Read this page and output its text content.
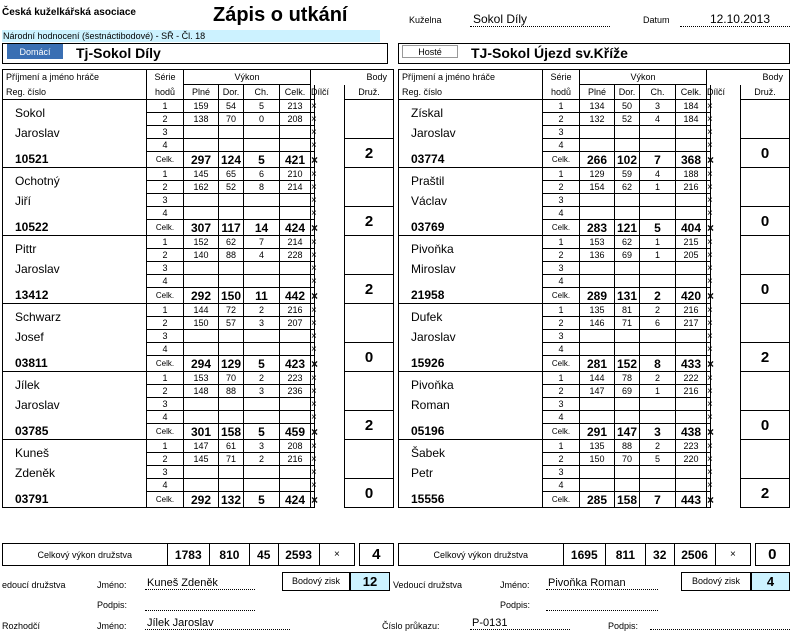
Česká kuželkářská asociace	Zápis o utkání
Národní hodnocení (šestnáctibodové) - SŘ - Čl. 18
Kuželna	Sokol Díly	Datum	12.10.2013
Domácí	Tj-Sokol Díly	Hosté	TJ-Sokol Újezd sv.Kříže
Příjmení a jméno hráče	Série	Výkon				Body		
Reg. číslo	hodů	Plné	Dor.	Ch.	Celk.	Dílčí		Druž.
Sokol	1	159	54	5	213	×		
	2	138	70	0	208	×		
Jaroslav	3					×		
	4					×		2
10521	Celk.	297	124	5	421	×		
Ochotný	1	145	65	6	210	×		
	2	162	52	8	214	×		
Jiří	3					×		
	4					×		2
10522	Celk.	307	117	14	424	×		
Pittr	1	152	62	7	214	×		
	2	140	88	4	228	×		
Jaroslav	3					×		
	4					×		2
13412	Celk.	292	150	11	442	×		
Schwarz	1	144	72	2	216	×		
	2	150	57	3	207	×		
Josef	3					×		
	4					×		0
03811	Celk.	294	129	5	423	×		
Jílek	1	153	70	2	223	×		
	2	148	88	3	236	×		
Jaroslav	3					×		
	4					×		2
03785	Celk.	301	158	5	459	×		
Kuneš	1	147	61	3	208	×		
	2	145	71	2	216	×		
Zdeněk	3					×		
	4					×		0
03791	Celk.	292	132	5	424	×		
Příjmení a jméno hráče	Série	Výkon				Body		
Reg. číslo	hodů	Plné	Dor.	Ch.	Celk.	Dílčí		Druž.
Získal	1	134	50	3	184	×		
	2	132	52	4	184	×		
Jaroslav	3					×		
	4					×		0
03774	Celk.	266	102	7	368	×		
Praštil	1	129	59	4	188	×		
	2	154	62	1	216	×		
Václav	3					×		
	4					×		0
03769	Celk.	283	121	5	404	×		
Pivoňka	1	153	62	1	215	×		
	2	136	69	1	205	×		
Miroslav	3					×		
	4					×		0
21958	Celk.	289	131	2	420	×		
Dufek	1	135	81	2	216	×		
	2	146	71	6	217	×		
Jaroslav	3					×		
	4					×		2
15926	Celk.	281	152	8	433	×		
Pivoňka	1	144	78	2	222	×		
	2	147	69	1	216	×		
Roman	3					×		
	4					×		0
05196	Celk.	291	147	3	438	×		
Šabek	1	135	88	2	223	×		
	2	150	70	5	220	×		
Petr	3					×		
	4					×		2
15556	Celk.	285	158	7	443	×		
Celkový výkon družstva	1783	810	45	2593	×		4	Celkový výkon družstva	1695	811	32	2506	×		0
edoucí družstva	Jméno: Kuneš Zdeněk	Bodový zisk	12
Podpis:
Vedoucí družstva	Jméno: Pivoňka Roman	Bodový zisk	4
Podpis:
Rozhodčí	Jméno: Jílek Jaroslav	Číslo průkazu:	P-0131	Podpis:
